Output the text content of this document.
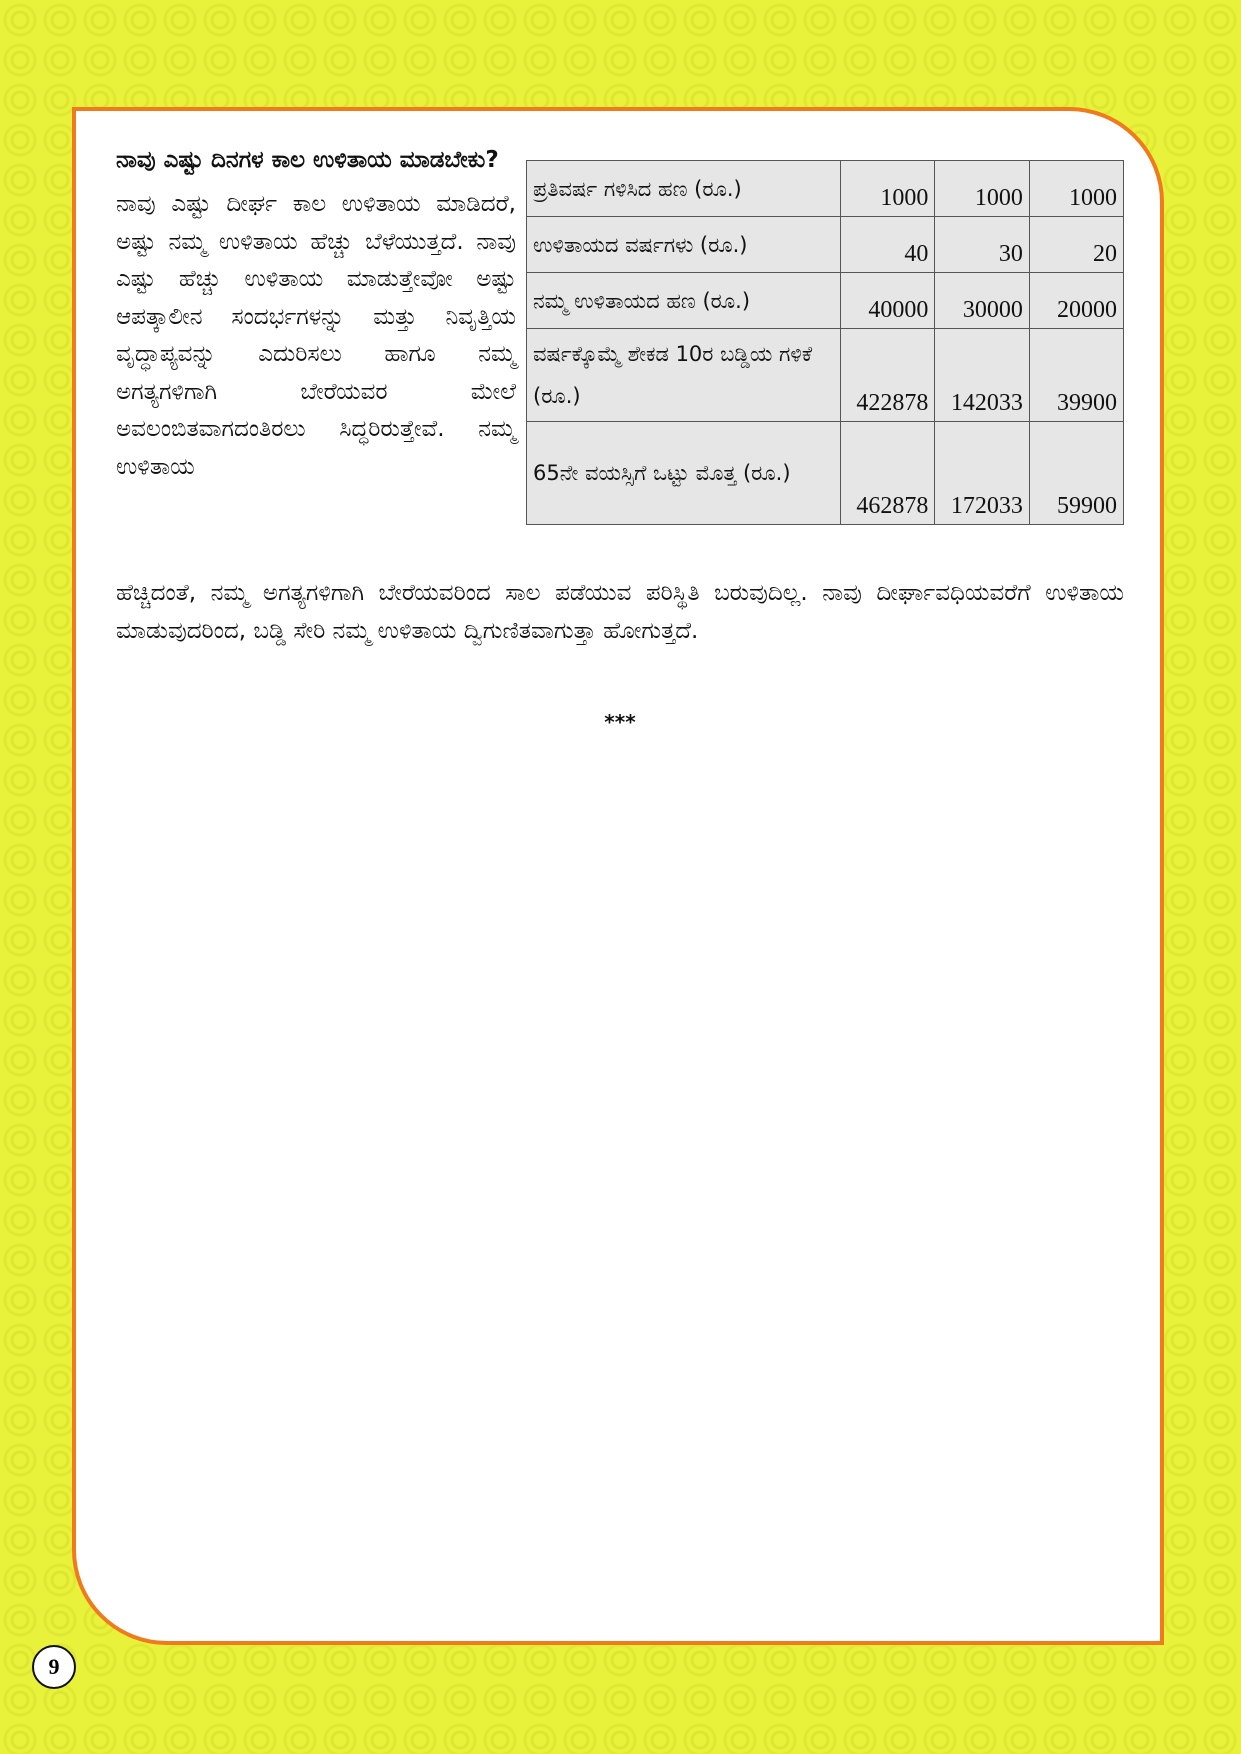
ನಾವು ಎಷ್ಟು ದಿನಗಳ ಕಾಲ ಉಳಿತಾಯ ಮಾಡಬೇಕು?

ನಾವು ಎಷ್ಟು ದೀರ್ಘ ಕಾಲ ಉಳಿತಾಯ ಮಾಡಿದರೆ, ಅಷ್ಟು ನಮ್ಮ ಉಳಿತಾಯ ಹೆಚ್ಚು ಬೆಳೆಯುತ್ತದೆ. ನಾವು ಎಷ್ಟು ಹೆಚ್ಚು ಉಳಿತಾಯ ಮಾಡುತ್ತೇವೋ ಅಷ್ಟು ಆಪತ್ಕಾಲೀನ ಸಂದರ್ಭಗಳನ್ನು ಮತ್ತು ನಿವೃತ್ತಿಯ ವೃದ್ಧಾಪ್ಯವನ್ನು ಎದುರಿಸಲು ಹಾಗೂ ನಮ್ಮ ಅಗತ್ಯಗಳಿಗಾಗಿ ಬೇರೆಯವರ ಮೇಲೆ ಅವಲಂಬಿತವಾಗದಂತಿರಲು ಸಿದ್ಧರಿರುತ್ತೇವೆ. ನಮ್ಮ ಉಳಿತಾಯ

ಪ್ರತಿವರ್ಷ ಗಳಿಸಿದ ಹಣ (ರೂ.)	1000	1000	1000
ಉಳಿತಾಯದ ವರ್ಷಗಳು (ರೂ.)	40	30	20
ನಮ್ಮ ಉಳಿತಾಯದ ಹಣ (ರೂ.)	40000	30000	20000
ವರ್ಷಕ್ಕೊಮ್ಮೆ ಶೇಕಡ 10ರ ಬಡ್ಡಿಯ ಗಳಿಕೆ (ರೂ.)	422878	142033	39900
65ನೇ ವಯಸ್ಸಿಗೆ ಒಟ್ಟು ಮೊತ್ತ (ರೂ.)	462878	172033	59900

ಹೆಚ್ಚಿದಂತೆ, ನಮ್ಮ ಅಗತ್ಯಗಳಿಗಾಗಿ ಬೇರೆಯವರಿಂದ ಸಾಲ ಪಡೆಯುವ ಪರಿಸ್ಥಿತಿ ಬರುವುದಿಲ್ಲ. ನಾವು ದೀರ್ಘಾವಧಿಯವರೆಗೆ ಉಳಿತಾಯ ಮಾಡುವುದರಿಂದ, ಬಡ್ಡಿ ಸೇರಿ ನಮ್ಮ ಉಳಿತಾಯ ದ್ವಿಗುಣಿತವಾಗುತ್ತಾ ಹೋಗುತ್ತದೆ.

***
9
